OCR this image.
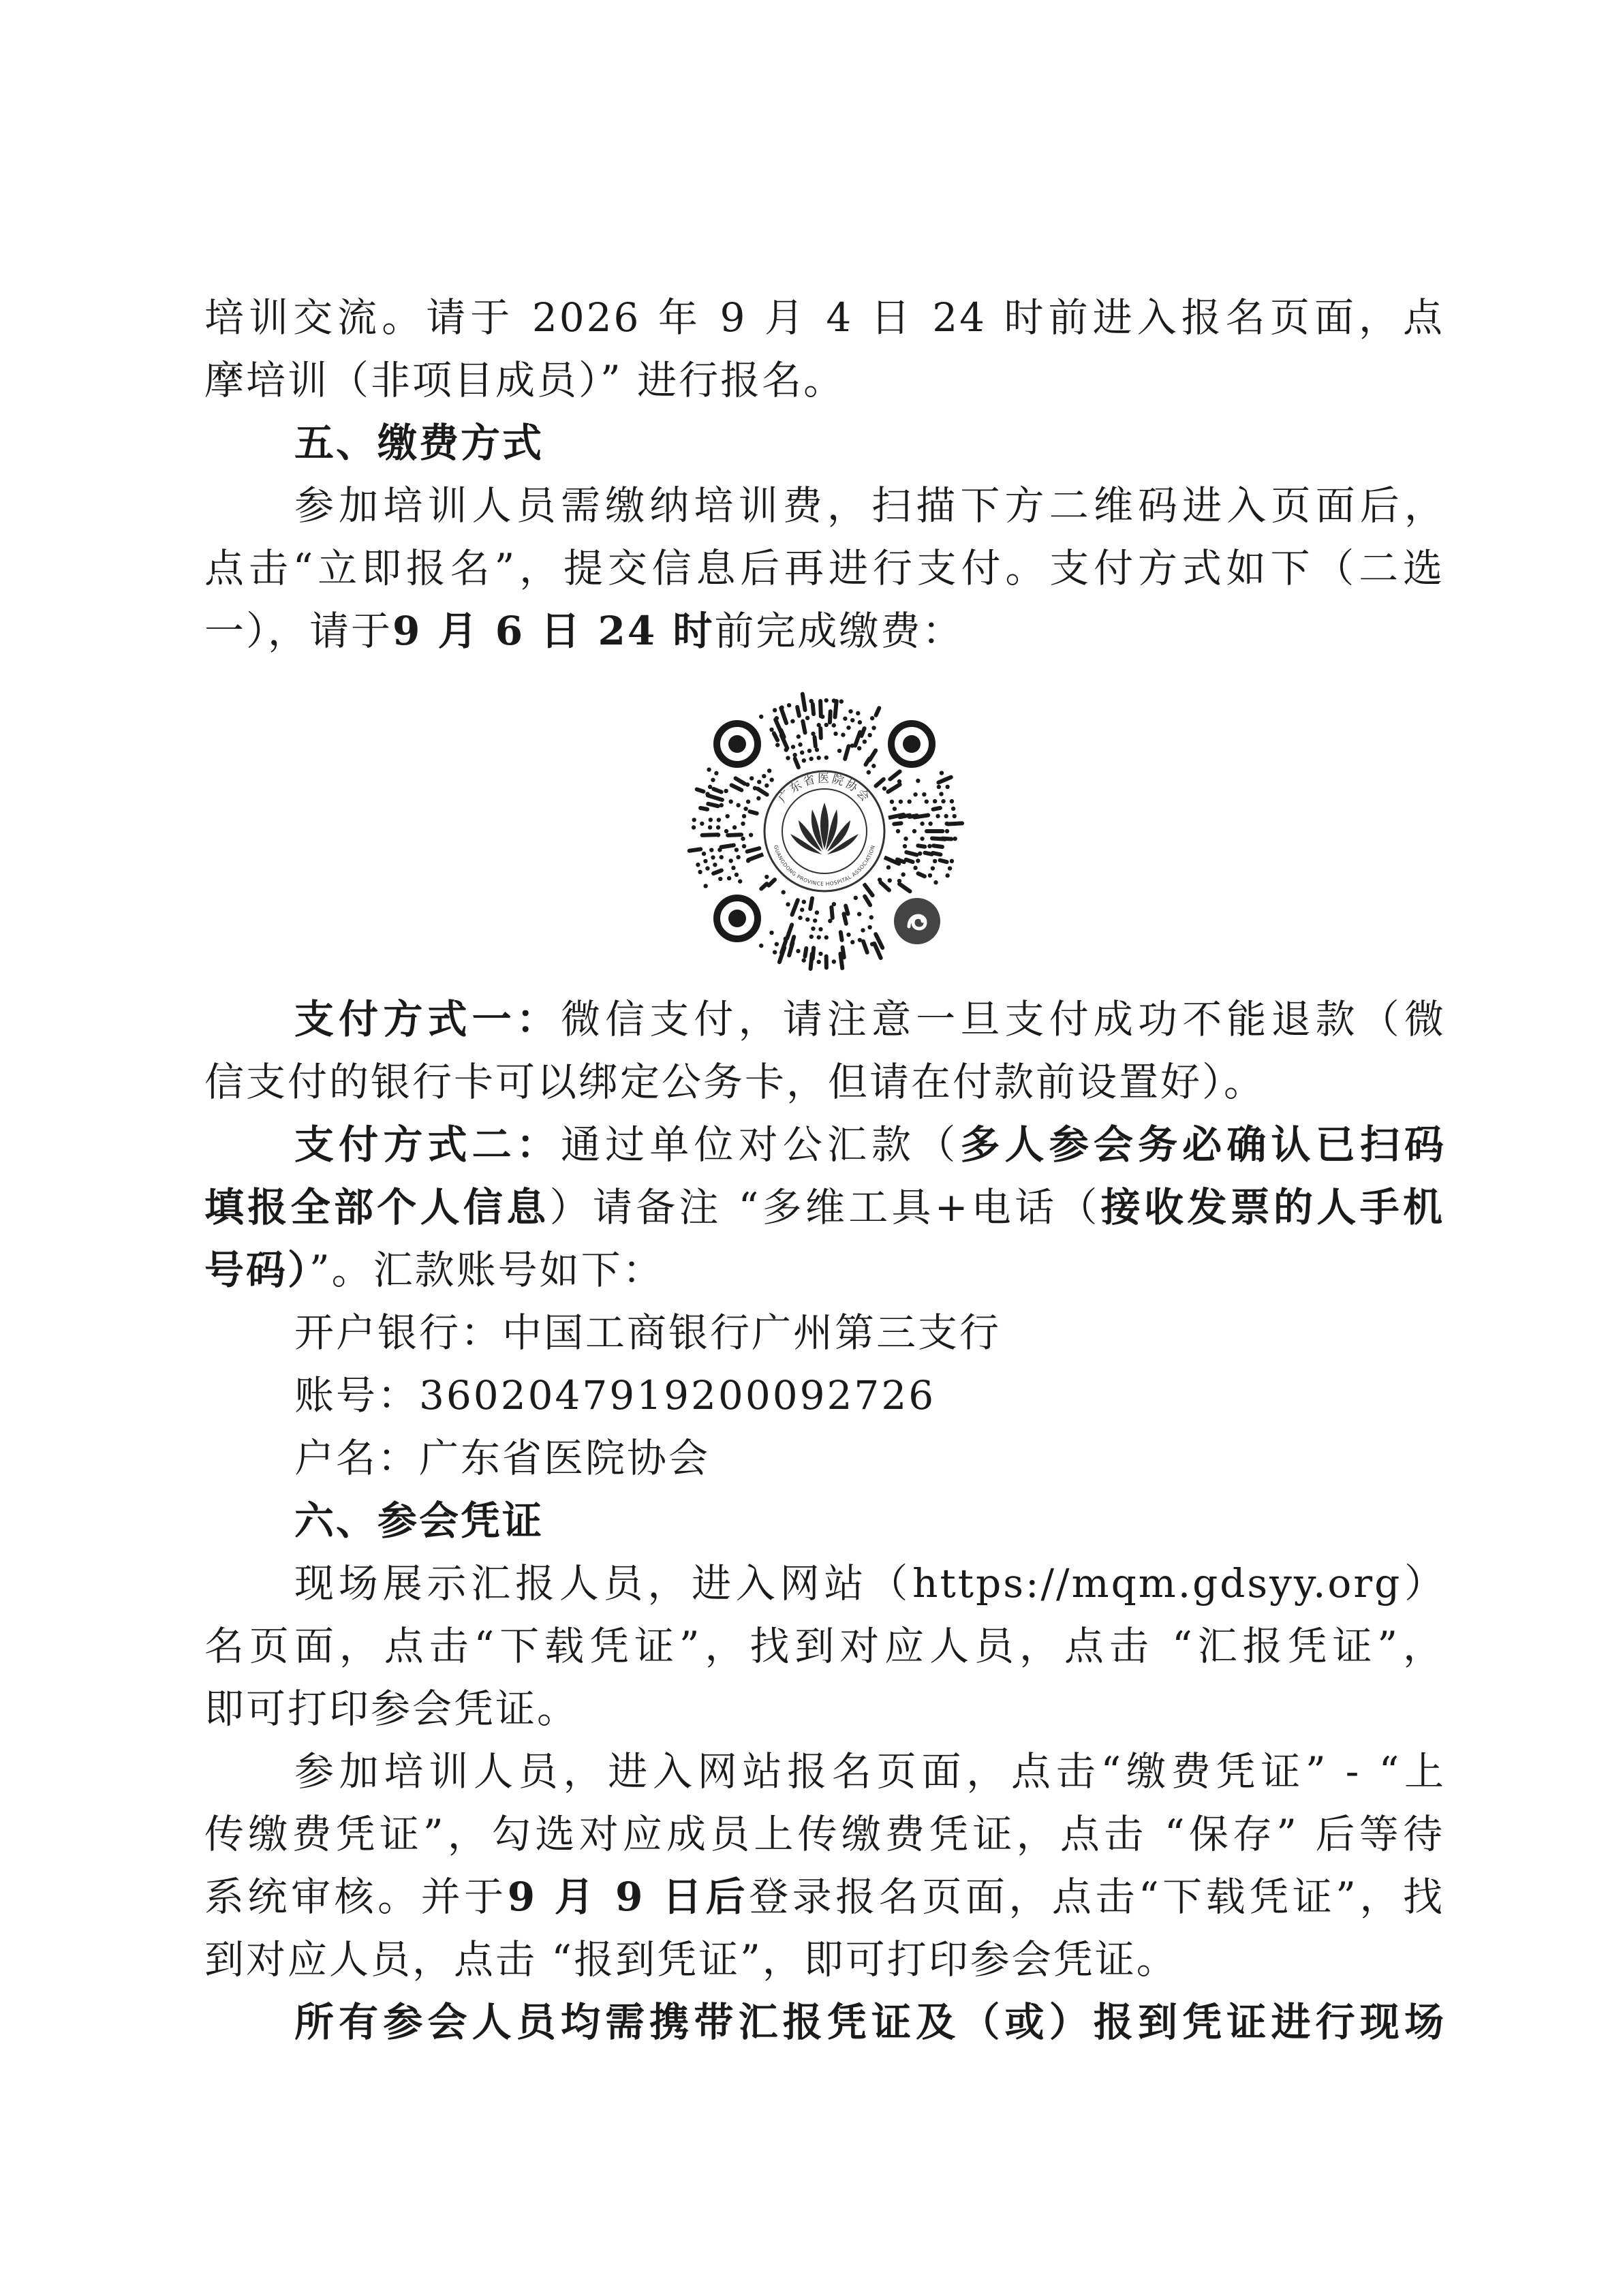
培训交流。请于 2026 年 9 月 4 日 24 时前进入报名页面，点
摩培训（非项目成员）” 进行报名。
五、缴费方式
参加培训人员需缴纳培训费，扫描下方二维码进入页面后，
点击“立即报名”，提交信息后再进行支付。支付方式如下（二选
一），请于9 月 6 日 24 时前完成缴费：
广东省医院协会
GUANGDONG PROVINCE HOSPITAL ASSOCIATION
支付方式一：微信支付，请注意一旦支付成功不能退款（微
信支付的银行卡可以绑定公务卡，但请在付款前设置好）。
支付方式二：通过单位对公汇款（多人参会务必确认已扫码
填报全部个人信息）请备注 “多维工具+电话（接收发票的人手机
号码）”。汇款账号如下：
开户银行：中国工商银行广州第三支行
账号：3602047919200092726
户名：广东省医院协会
六、参会凭证
现场展示汇报人员，进入网站（https://mqm.gdsyy.org）
名页面，点击“下载凭证”，找到对应人员，点击 “汇报凭证”，
即可打印参会凭证。
参加培训人员，进入网站报名页面，点击“缴费凭证” - “上
传缴费凭证”，勾选对应成员上传缴费凭证，点击 “保存” 后等待
系统审核。并于9 月 9 日后登录报名页面，点击“下载凭证”，找
到对应人员，点击 “报到凭证”，即可打印参会凭证。
所有参会人员均需携带汇报凭证及（或）报到凭证进行现场
